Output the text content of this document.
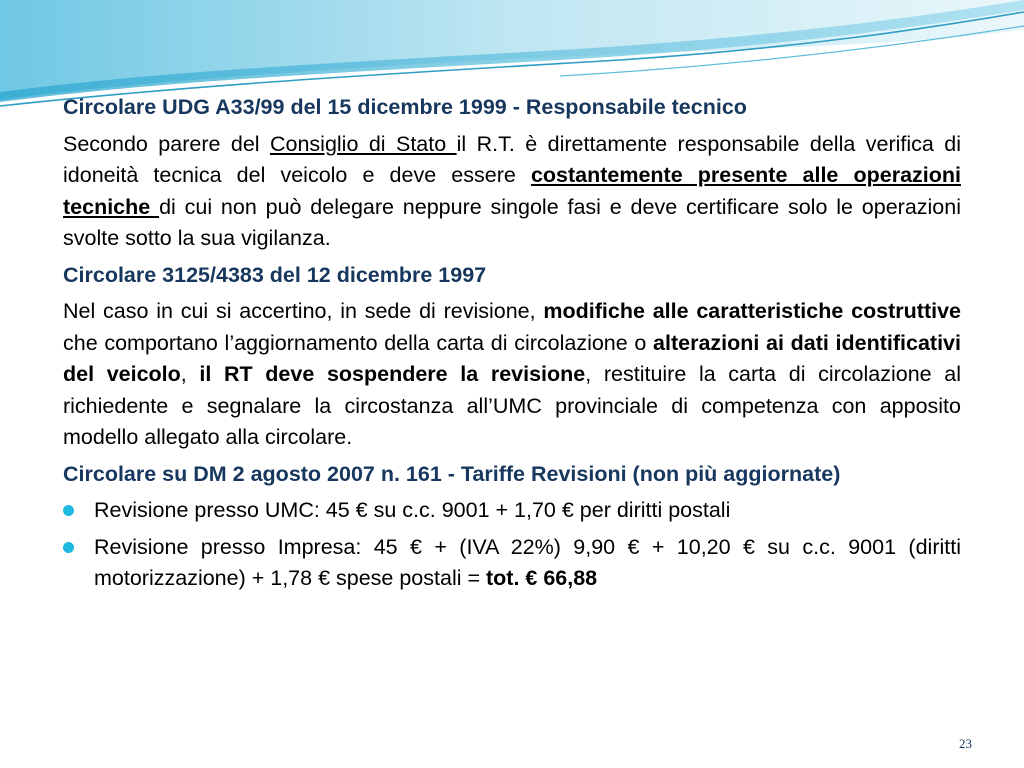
Circolare UDG A33/99 del 15 dicembre 1999 - Responsabile tecnico
Secondo parere del Consiglio di Stato il R.T. è direttamente responsabile della verifica di idoneità tecnica del veicolo e deve essere costantemente presente alle operazioni tecniche di cui non può delegare neppure singole fasi e deve certificare solo le operazioni svolte sotto la sua vigilanza.
Circolare 3125/4383 del 12 dicembre 1997
Nel caso in cui si accertino, in sede di revisione, modifiche alle caratteristiche costruttive che comportano l’aggiornamento della carta di circolazione o alterazioni ai dati identificativi del veicolo, il RT deve sospendere la revisione, restituire la carta di circolazione al richiedente e segnalare la circostanza all’UMC provinciale di competenza con apposito modello allegato alla circolare.
Circolare su DM 2 agosto 2007 n. 161 - Tariffe Revisioni (non più aggiornate)
Revisione presso UMC: 45 € su c.c. 9001 + 1,70 € per diritti postali
Revisione presso Impresa: 45 € + (IVA 22%) 9,90 € + 10,20 € su c.c. 9001 (diritti motorizzazione) + 1,78 € spese postali = tot. € 66,88
23
